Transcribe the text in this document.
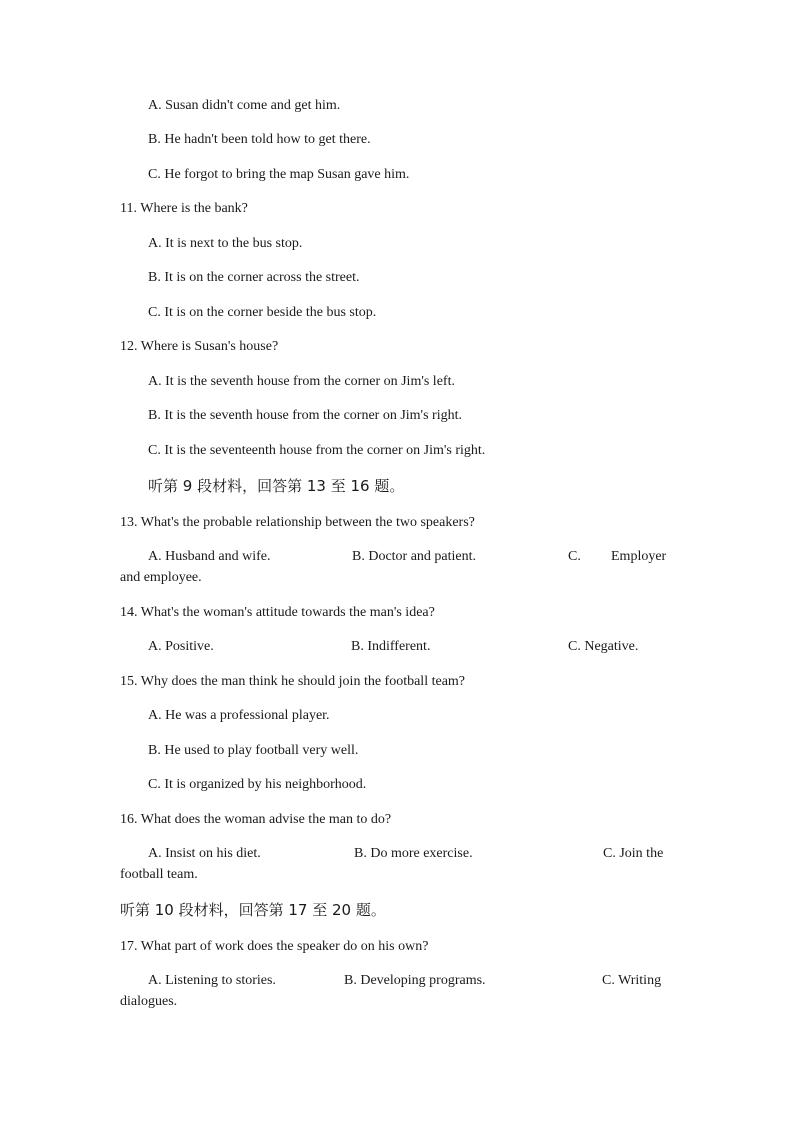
A. Susan didn't come and get him.
B. He hadn't been told how to get there.
C. He forgot to bring the map Susan gave him.
11. Where is the bank?
A. It is next to the bus stop.
B. It is on the corner across the street.
C. It is on the corner beside the bus stop.
12. Where is Susan's house?
A. It is the seventh house from the corner on Jim's left.
B. It is the seventh house from the corner on Jim's right.
C. It is the seventeenth house from the corner on Jim's right.
听第 9 段材料，回答第 13 至 16 题。
13. What's the probable relationship between the two speakers?
A. Husband and wife.	B. Doctor and patient.	C. Employer
and employee.
14. What's the woman's attitude towards the man's idea?
A. Positive.	B. Indifferent.	C. Negative.
15. Why does the man think he should join the football team?
A. He was a professional player.
B. He used to play football very well.
C. It is organized by his neighborhood.
16. What does the woman advise the man to do?
A. Insist on his diet.	B. Do more exercise.	C. Join the
football team.
听第 10 段材料，回答第 17 至 20 题。
17. What part of work does the speaker do on his own?
A. Listening to stories.	B. Developing programs.	C. Writing
dialogues.
